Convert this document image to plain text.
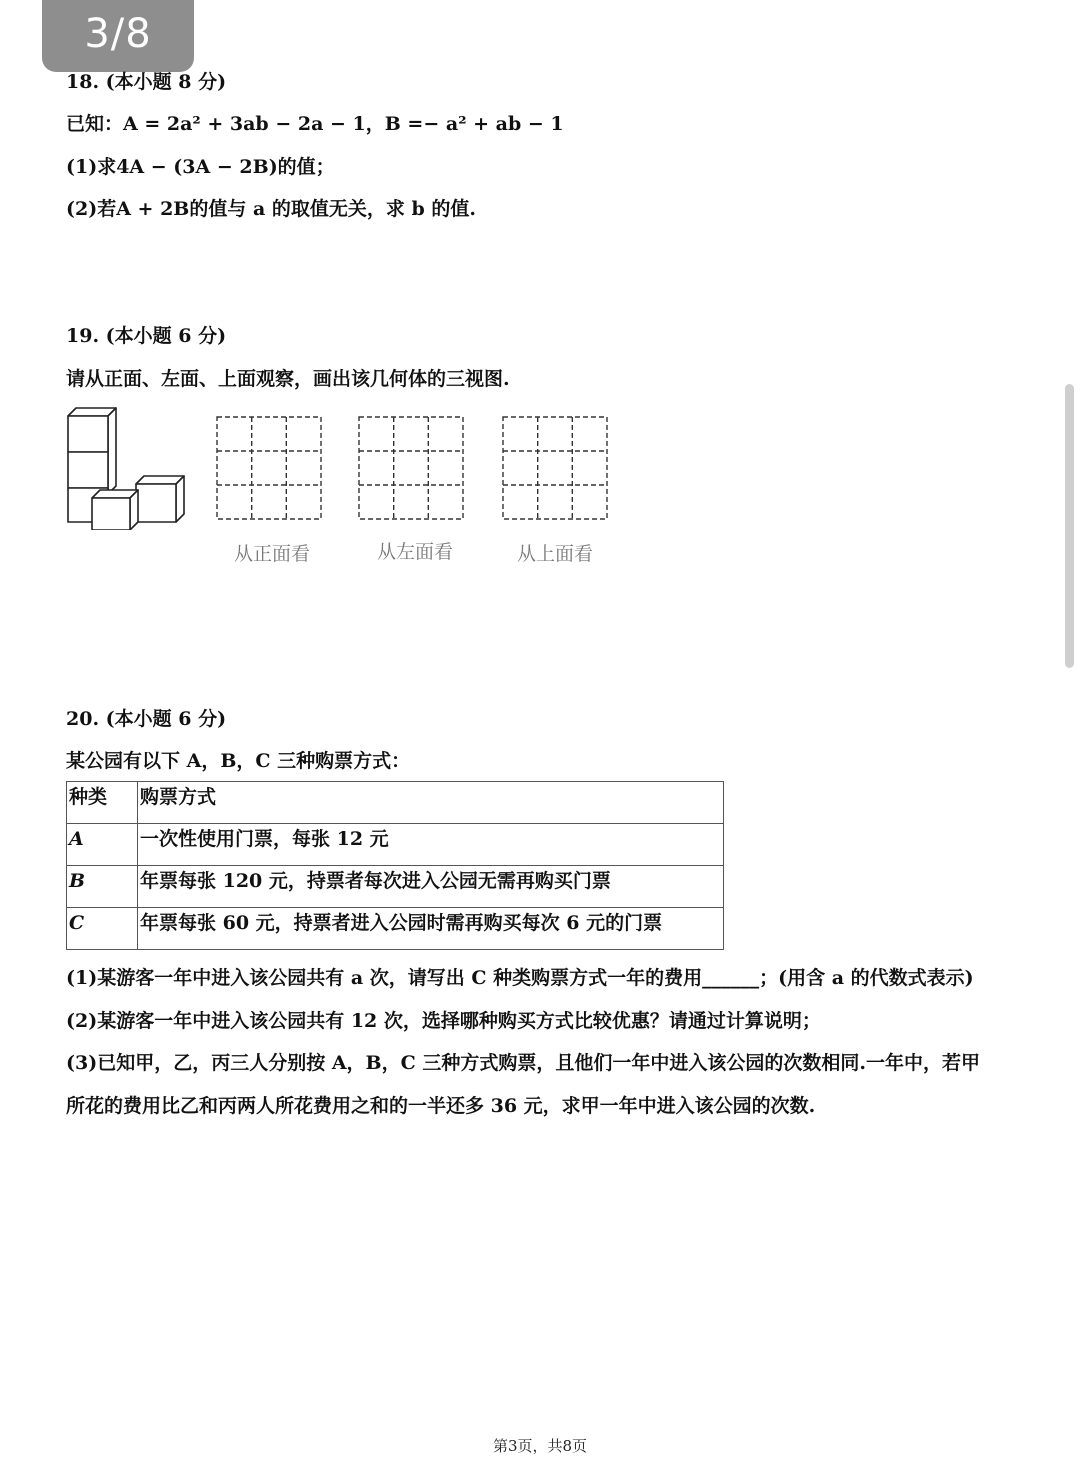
3/8
18. (本小题 8 分)
已知：A = 2a² + 3ab − 2a − 1，B =− a² + ab − 1
(1)求4A − (3A − 2B)的值；
(2)若A + 2B的值与 a 的取值无关，求 b 的值.
19. (本小题 6 分)
请从正面、左面、上面观察，画出该几何体的三视图.
从正面看	从左面看	从上面看
20. (本小题 6 分)
某公园有以下 A，B，C 三种购票方式：
种类	购票方式
A	一次性使用门票，每张 12 元
B	年票每张 120 元，持票者每次进入公园无需再购买门票
C	年票每张 60 元，持票者进入公园时需再购买每次 6 元的门票
(1)某游客一年中进入该公园共有 a 次，请写出 C 种类购票方式一年的费用______；(用含 a 的代数式表示)
(2)某游客一年中进入该公园共有 12 次，选择哪种购买方式比较优惠？请通过计算说明；
(3)已知甲，乙，丙三人分别按 A，B，C 三种方式购票，且他们一年中进入该公园的次数相同.一年中，若甲
所花的费用比乙和丙两人所花费用之和的一半还多 36 元，求甲一年中进入该公园的次数.
第3页，共8页
